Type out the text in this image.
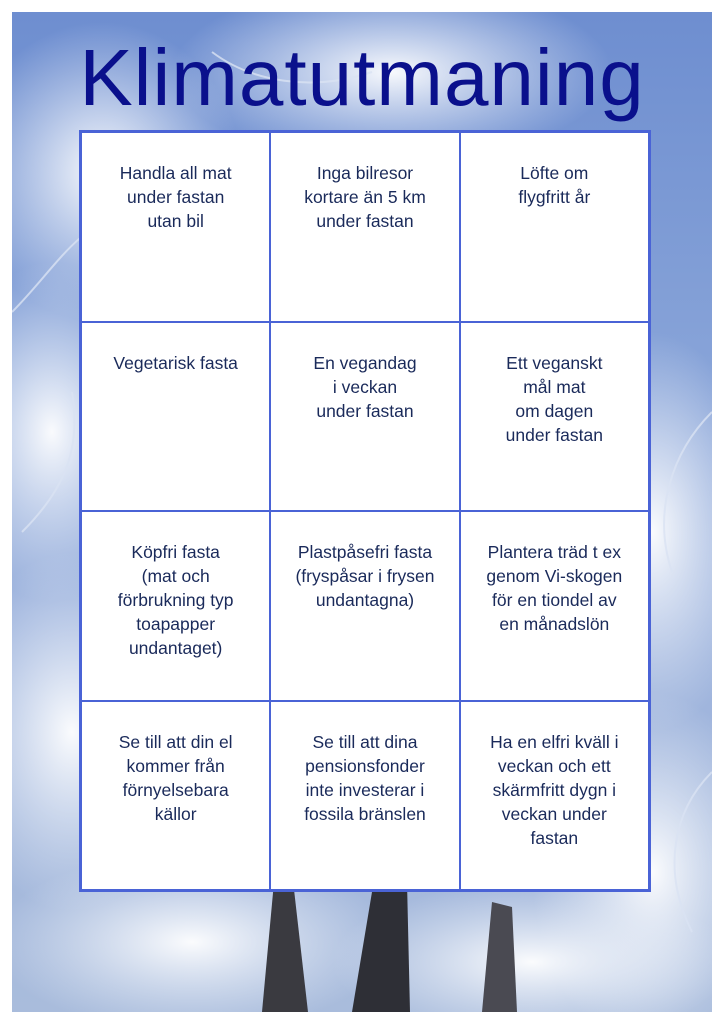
Klimatutmaning
Handla all mat
under fastan
utan bil
Inga bilresor
kortare än 5 km
under fastan
Löfte om
flygfritt år
Vegetarisk fasta	En vegandag
i veckan
under fastan
Ett veganskt
mål mat
om dagen
under fastan
Köpfri fasta
(mat och
förbrukning typ
toapapper
undantaget)
Plastpåsefri fasta
(fryspåsar i frysen
undantagna)
Plantera träd t ex
genom Vi-skogen
för en tiondel av
en månadslön
Se till att din el
kommer från
förnyelsebara
källor
Se till att dina
pensionsfonder
inte investerar i
fossila bränslen
Ha en elfri kväll i
veckan och ett
skärmfritt dygn i
veckan under
fastan
